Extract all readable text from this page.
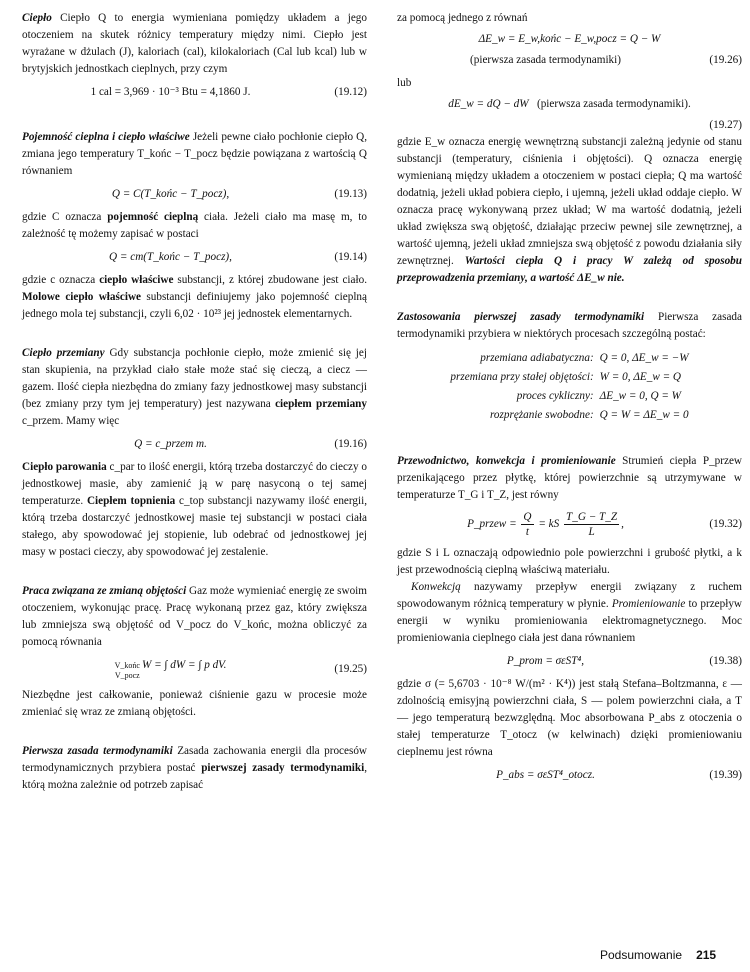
Ciepło Ciepło Q to energia wymieniana pomiędzy układem a jego otoczeniem na skutek różnicy temperatury między nimi. Ciepło jest wyrażane w dżulach (J), kaloriach (cal), kilokaloriach (Cal lub kcal) lub w brytyjskich jednostkach cieplnych, przy czym

1 cal = 3,969 · 10⁻³ Btu = 4,1860 J.	(19.12)

Pojemność cieplna i ciepło właściwe Jeżeli pewne ciało pochłonie ciepło Q, zmiana jego temperatury T_końc − T_pocz będzie powiązana z wartością Q równaniem

Q = C(T_końc − T_pocz),	(19.13)

gdzie C oznacza pojemność cieplną ciała. Jeżeli ciało ma masę m, to zależność tę możemy zapisać w postaci

Q = cm(T_końc − T_pocz),	(19.14)

gdzie c oznacza ciepło właściwe substancji, z której zbudowane jest ciało. Molowe ciepło właściwe substancji definiujemy jako pojemność cieplną jednego mola tej substancji, czyli 6,02 · 10²³ jej jednostek elementarnych.

Ciepło przemiany Gdy substancja pochłonie ciepło, może zmienić się jej stan skupienia, na przykład ciało stałe może stać się cieczą, a ciecz — gazem. Ilość ciepła niezbędna do zmiany fazy jednostkowej masy substancji (bez zmiany przy tym jej temperatury) jest nazywana ciepłem przemiany c_przem. Mamy więc

Q = c_przem m.	(19.16)

Ciepło parowania c_par to ilość energii, którą trzeba dostarczyć do cieczy o jednostkowej masie, aby zamienić ją w parę nasyconą o tej samej temperaturze. Ciepłem topnienia c_top substancji nazywamy ilość energii, którą trzeba dostarczyć jednostkowej masie tej substancji w postaci ciała stałego, aby spowodować jej stopienie, lub odebrać od jednostkowej jej masy w postaci cieczy, aby spowodować jej zestalenie.

Praca związana ze zmianą objętości Gaz może wymieniać energię ze swoim otoczeniem, wykonując pracę. Pracę wykonaną przez gaz, który zwiększa lub zmniejsza swą objętość od V_pocz do V_końc, można obliczyć za pomocą równania

V_końc
V_pocz
W = ∫ dW = ∫ p dV.	(19.25)

Niezbędne jest całkowanie, ponieważ ciśnienie gazu w procesie może zmieniać się wraz ze zmianą objętości.

Pierwsza zasada termodynamiki Zasada zachowania energii dla procesów termodynamicznych przybiera postać pierwszej zasady termodynamiki, którą można zależnie od potrzeb zapisać

za pomocą jednego z równań

ΔE_w = E_w,końc − E_w,pocz = Q − W
(pierwsza zasada termodynamiki)	(19.26)

lub

dE_w = dQ − dW (pierwsza zasada termodynamiki).
(19.27)

gdzie E_w oznacza energię wewnętrzną substancji zależną jedynie od stanu substancji (temperatury, ciśnienia i objętości). Q oznacza energię wymienianą między układem a otoczeniem w postaci ciepła; Q ma wartość dodatnią, jeżeli układ pobiera ciepło, i ujemną, jeżeli układ oddaje ciepło. W oznacza pracę wykonywaną przez układ; W ma wartość dodatnią, jeżeli układ zwiększa swą objętość, działając przeciw pewnej sile zewnętrznej, a wartość ujemną, jeżeli układ zmniejsza swą objętość z powodu działania siły zewnętrznej. Wartości ciepła Q i pracy W zależą od sposobu przeprowadzenia przemiany, a wartość ΔE_w nie.

Zastosowania pierwszej zasady termodynamiki Pierwsza zasada termodynamiki przybiera w niektórych procesach szczególną postać:

przemiana adiabatyczna:	Q = 0, ΔE_w = −W
przemiana przy stałej objętości:	W = 0, ΔE_w = Q
proces cykliczny:	ΔE_w = 0, Q = W
rozprężanie swobodne:	Q = W = ΔE_w = 0

Przewodnictwo, konwekcja i promieniowanie Strumień ciepła P_przew przenikającego przez płytkę, której powierzchnie są utrzymywane w temperaturze T_G i T_Z, jest równy

P_przew = $\frac{Q}{t}$ = kS $\frac{T\_G - T\_Z}{L}$ ,	(19.32)

gdzie S i L oznaczają odpowiednio pole powierzchni i grubość płytki, a k jest przewodnością cieplną właściwą materiału.

Konwekcją nazywamy przepływ energii związany z ruchem spowodowanym różnicą temperatury w płynie. Promieniowanie to przepływ energii w wyniku promieniowania elektromagnetycznego. Moc promieniowania cieplnego ciała jest dana równaniem

P_prom = σεST⁴,	(19.38)

gdzie σ (= 5,6703 · 10⁻⁸ W/(m² · K⁴)) jest stałą Stefana–Boltzmanna, ε — zdolnością emisyjną powierzchni ciała, S — polem powierzchni ciała, a T — jego temperaturą bezwzględną. Moc absorbowana P_abs z otoczenia o stałej temperaturze T_otocz (w kelwinach) dzięki promieniowaniu cieplnemu jest równa

P_abs = σεST⁴_otocz.	(19.39)
Podsumowanie 215
